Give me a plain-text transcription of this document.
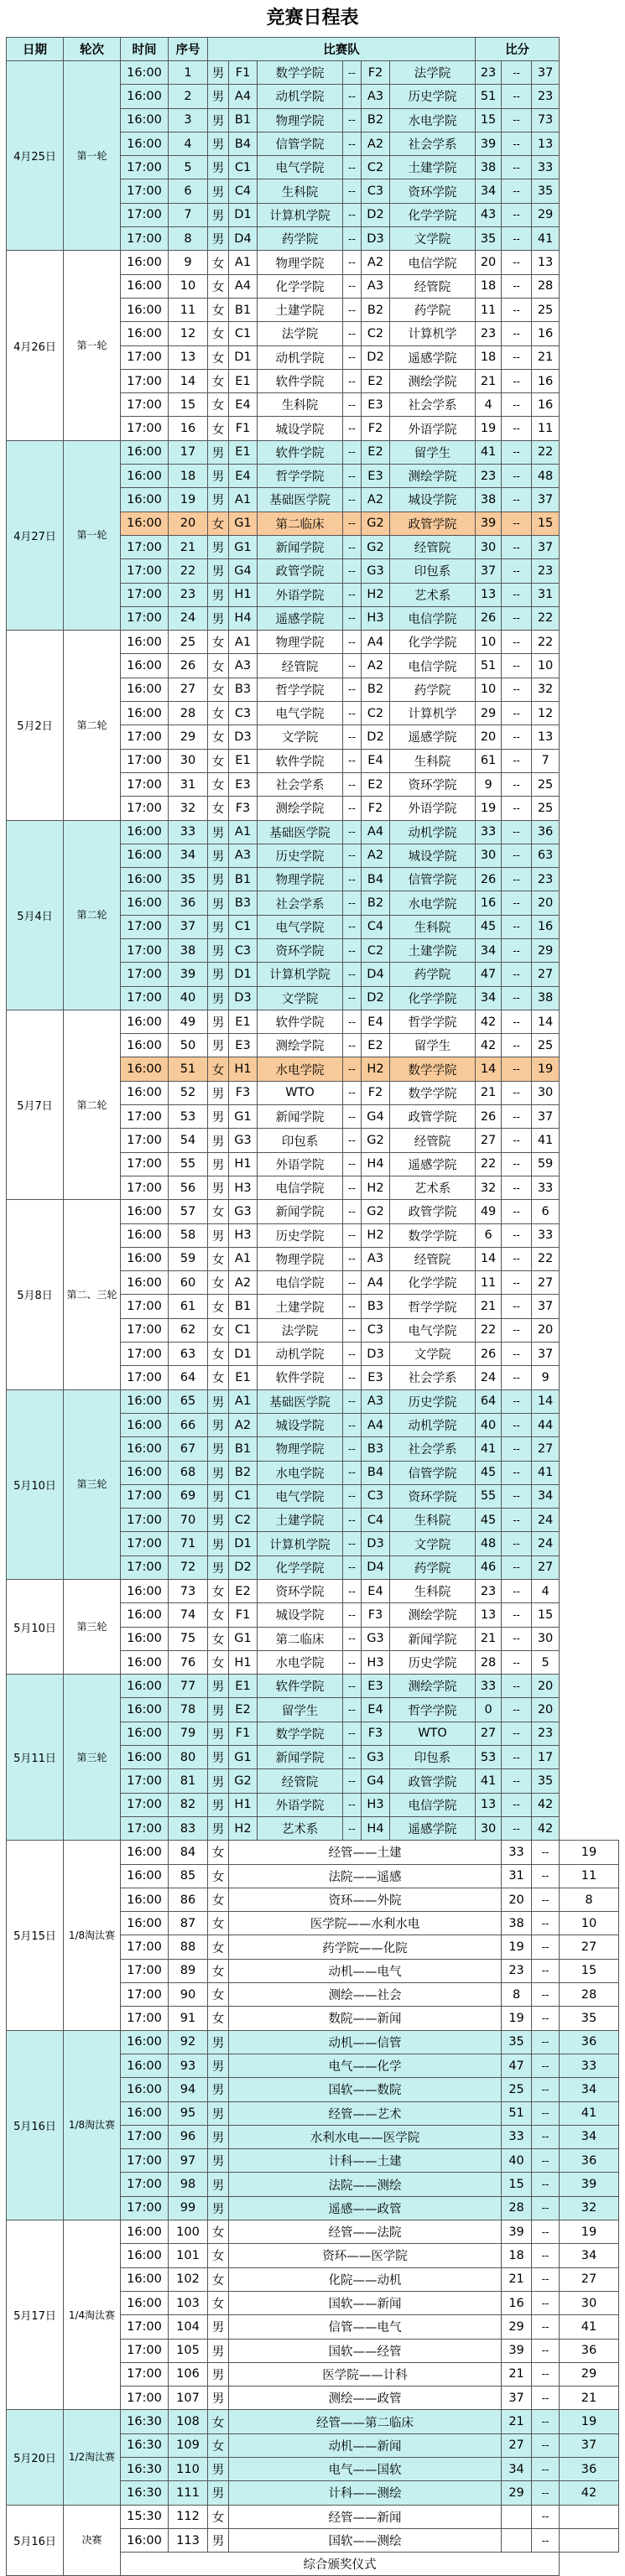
竞赛日程表
日期	轮次	时间	序号	比赛队						比分			
4月25日	第一轮	16:00	1	男	F1	数学学院	--	F2	法学院	23	--	37	
		16:00	2	男	A4	动机学院	--	A3	历史学院	51	--	23	
		16:00	3	男	B1	物理学院	--	B2	水电学院	15	--	73	
		16:00	4	男	B4	信管学院	--	A2	社会学系	39	--	13	
		17:00	5	男	C1	电气学院	--	C2	土建学院	38	--	33	
		17:00	6	男	C4	生科院	--	C3	资环学院	34	--	35	
		17:00	7	男	D1	计算机学院	--	D2	化学学院	43	--	29	
		17:00	8	男	D4	药学院	--	D3	文学院	35	--	41	
4月26日	第一轮	16:00	9	女	A1	物理学院	--	A2	电信学院	20	--	13	
		16:00	10	女	A4	化学学院	--	A3	经管院	18	--	28	
		16:00	11	女	B1	土建学院	--	B2	药学院	11	--	25	
		16:00	12	女	C1	法学院	--	C2	计算机学	23	--	16	
		17:00	13	女	D1	动机学院	--	D2	遥感学院	18	--	21	
		17:00	14	女	E1	软件学院	--	E2	测绘学院	21	--	16	
		17:00	15	女	E4	生科院	--	E3	社会学系	4	--	16	
		17:00	16	女	F1	城设学院	--	F2	外语学院	19	--	11	
4月27日	第一轮	16:00	17	男	E1	软件学院	--	E2	留学生	41	--	22	
		16:00	18	男	E4	哲学学院	--	E3	测绘学院	23	--	48	
		16:00	19	男	A1	基础医学院	--	A2	城设学院	38	--	37	
		16:00	20	女	G1	第二临床	--	G2	政管学院	39	--	15	
		17:00	21	男	G1	新闻学院	--	G2	经管院	30	--	37	
		17:00	22	男	G4	政管学院	--	G3	印包系	37	--	23	
		17:00	23	男	H1	外语学院	--	H2	艺术系	13	--	31	
		17:00	24	男	H4	遥感学院	--	H3	电信学院	26	--	22	
5月2日	第二轮	16:00	25	女	A1	物理学院	--	A4	化学学院	10	--	22	
		16:00	26	女	A3	经管院	--	A2	电信学院	51	--	10	
		16:00	27	女	B3	哲学学院	--	B2	药学院	10	--	32	
		16:00	28	女	C3	电气学院	--	C2	计算机学	29	--	12	
		17:00	29	女	D3	文学院	--	D2	遥感学院	20	--	13	
		17:00	30	女	E1	软件学院	--	E4	生科院	61	--	7	
		17:00	31	女	E3	社会学系	--	E2	资环学院	9	--	25	
		17:00	32	女	F3	测绘学院	--	F2	外语学院	19	--	25	
5月4日	第二轮	16:00	33	男	A1	基础医学院	--	A4	动机学院	33	--	36	
		16:00	34	男	A3	历史学院	--	A2	城设学院	30	--	63	
		16:00	35	男	B1	物理学院	--	B4	信管学院	26	--	23	
		16:00	36	男	B3	社会学系	--	B2	水电学院	16	--	20	
		17:00	37	男	C1	电气学院	--	C4	生科院	45	--	16	
		17:00	38	男	C3	资环学院	--	C2	土建学院	34	--	29	
		17:00	39	男	D1	计算机学院	--	D4	药学院	47	--	27	
		17:00	40	男	D3	文学院	--	D2	化学学院	34	--	38	
5月7日	第二轮	16:00	49	男	E1	软件学院	--	E4	哲学学院	42	--	14	
		16:00	50	男	E3	测绘学院	--	E2	留学生	42	--	25	
		16:00	51	女	H1	水电学院	--	H2	数学学院	14	--	19	
		16:00	52	男	F3	WTO	--	F2	数学学院	21	--	30	
		17:00	53	男	G1	新闻学院	--	G4	政管学院	26	--	37	
		17:00	54	男	G3	印包系	--	G2	经管院	27	--	41	
		17:00	55	男	H1	外语学院	--	H4	遥感学院	22	--	59	
		17:00	56	男	H3	电信学院	--	H2	艺术系	32	--	33	
5月8日	第二、三轮	16:00	57	女	G3	新闻学院	--	G2	政管学院	49	--	6	
		16:00	58	男	H3	历史学院	--	H2	数学学院	6	--	33	
		16:00	59	女	A1	物理学院	--	A3	经管院	14	--	22	
		16:00	60	女	A2	电信学院	--	A4	化学学院	11	--	27	
		17:00	61	女	B1	土建学院	--	B3	哲学学院	21	--	37	
		17:00	62	女	C1	法学院	--	C3	电气学院	22	--	20	
		17:00	63	女	D1	动机学院	--	D3	文学院	26	--	37	
		17:00	64	女	E1	软件学院	--	E3	社会学系	24	--	9	
5月10日	第三轮	16:00	65	男	A1	基础医学院	--	A3	历史学院	64	--	14	
		16:00	66	男	A2	城设学院	--	A4	动机学院	40	--	44	
		16:00	67	男	B1	物理学院	--	B3	社会学系	41	--	27	
		16:00	68	男	B2	水电学院	--	B4	信管学院	45	--	41	
		17:00	69	男	C1	电气学院	--	C3	资环学院	55	--	34	
		17:00	70	男	C2	土建学院	--	C4	生科院	45	--	24	
		17:00	71	男	D1	计算机学院	--	D3	文学院	48	--	24	
		17:00	72	男	D2	化学学院	--	D4	药学院	46	--	27	
5月10日	第三轮	16:00	73	女	E2	资环学院	--	E4	生科院	23	--	4	
		16:00	74	女	F1	城设学院	--	F3	测绘学院	13	--	15	
		16:00	75	女	G1	第二临床	--	G3	新闻学院	21	--	30	
		16:00	76	女	H1	水电学院	--	H3	历史学院	28	--	5	
5月11日	第三轮	16:00	77	男	E1	软件学院	--	E3	测绘学院	33	--	20	
		16:00	78	男	E2	留学生	--	E4	哲学学院	0	--	20	
		16:00	79	男	F1	数学学院	--	F3	WTO	27	--	23	
		16:00	80	男	G1	新闻学院	--	G3	印包系	53	--	17	
		17:00	81	男	G2	经管院	--	G4	政管学院	41	--	35	
		17:00	82	男	H1	外语学院	--	H3	电信学院	13	--	42	
		17:00	83	男	H2	艺术系	--	H4	遥感学院	30	--	42	
5月15日	1/8淘汰赛	16:00	84	女	经管——土建						33	--	19
		16:00	85	女	法院——遥感						31	--	11
		16:00	86	女	资环——外院						20	--	8
		16:00	87	女	医学院——水利水电						38	--	10
		17:00	88	女	药学院——化院						19	--	27
		17:00	89	女	动机——电气						23	--	15
		17:00	90	女	测绘——社会						8	--	28
		17:00	91	女	数院——新闻						19	--	35
5月16日	1/8淘汰赛	16:00	92	男	动机——信管						35	--	36
		16:00	93	男	电气——化学						47	--	33
		16:00	94	男	国软——数院						25	--	34
		16:00	95	男	经管——艺术						51	--	41
		17:00	96	男	水利水电——医学院						33	--	34
		17:00	97	男	计科——土建						40	--	36
		17:00	98	男	法院——测绘						15	--	39
		17:00	99	男	遥感——政管						28	--	32
5月17日	1/4淘汰赛	16:00	100	女	经管——法院						39	--	19
		16:00	101	女	资环——医学院						18	--	34
		16:00	102	女	化院——动机						21	--	27
		16:00	103	女	国软——新闻						16	--	30
		17:00	104	男	信管——电气						29	--	41
		17:00	105	男	国软——经管						39	--	36
		17:00	106	男	医学院——计科						21	--	29
		17:00	107	男	测绘——政管						37	--	21
5月20日	1/2淘汰赛	16:30	108	女	经管——第二临床						21	--	19
		16:30	109	女	动机——新闻						27	--	37
		16:30	110	男	电气——国软						34	--	36
		16:30	111	男	计科——测绘						29	--	42
5月16日	决赛	15:30	112	女	经管——新闻							--	
		16:00	113	男	国软——测绘							--	
		综合颁奖仪式											
